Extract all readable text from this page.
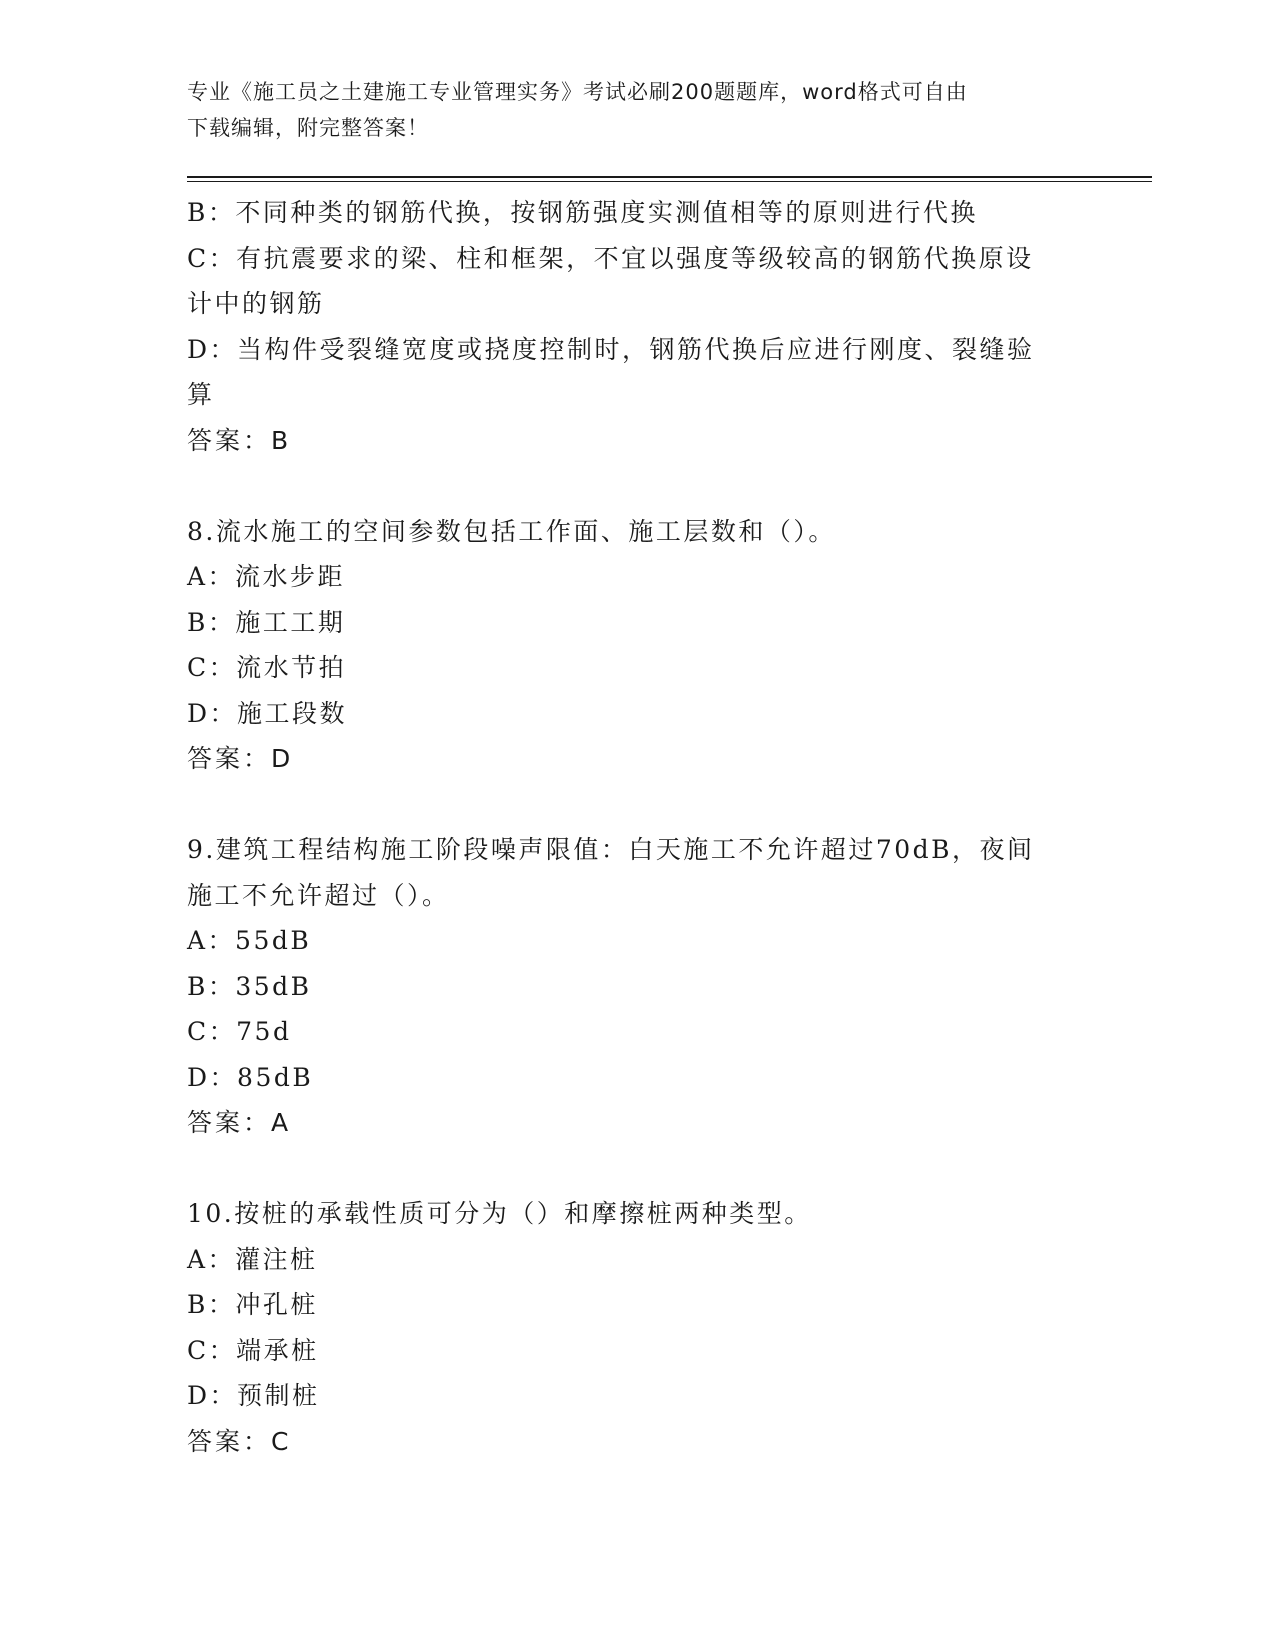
专业《施工员之土建施工专业管理实务》考试必刷200题题库，word格式可自由
下载编辑，附完整答案！

B：不同种类的钢筋代换，按钢筋强度实测值相等的原则进行代换

C：有抗震要求的梁、柱和框架，不宜以强度等级较高的钢筋代换原设

计中的钢筋

D：当构件受裂缝宽度或挠度控制时，钢筋代换后应进行刚度、裂缝验

算

答案：B

8.流水施工的空间参数包括工作面、施工层数和（）。

A：流水步距

B：施工工期

C：流水节拍

D：施工段数

答案：D

9.建筑工程结构施工阶段噪声限值：白天施工不允许超过70dB，夜间

施工不允许超过（）。

A：55dB

B：35dB

C：75d

D：85dB

答案：A

10.按桩的承载性质可分为（）和摩擦桩两种类型。

A：灌注桩

B：冲孔桩

C：端承桩

D：预制桩

答案：C
